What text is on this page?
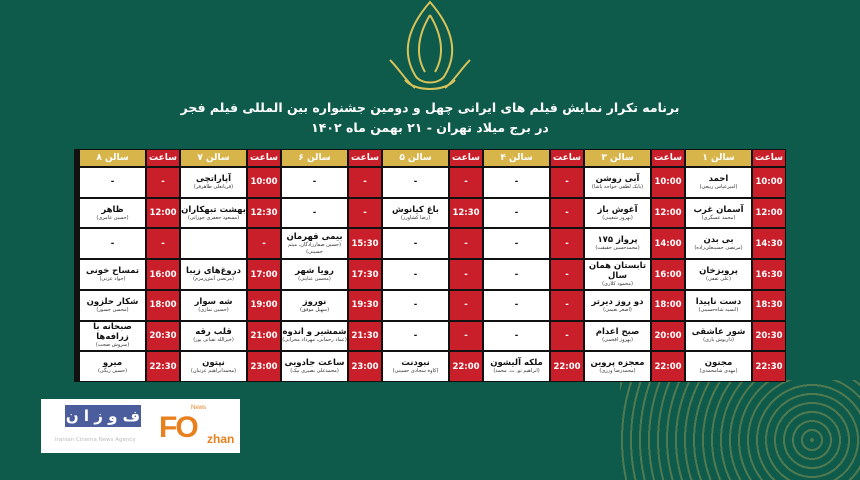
برنامه تکرار نمایش فیلم های ایرانی چهل و دومین جشنواره بین المللی فیلم فجر
در برج میلاد تهران - ۲۱ بهمن ماه ۱۴۰۲
ساعت
10:00
12:00
14:30
16:30
18:30
20:30
22:30
سالن ۱
احمد
(امیرعباس ربیعی)
آسمان غرب
(محمد عسگری)
بی بدن
(مرتضی حسینعلی‌زاده)
پرویزخان
(علی ثقفی)
دست ناپیدا
(انسیه شاه‌حسینی)
شور عاشقی
(داریوش یاری)
مجنون
(مهدی شامحمدی)
ساعت
10:00
12:00
14:00
16:00
18:00
20:00
22:00
سالن ۳
آبی روشن
(بابک لطفی خواجه پاشا)
آغوش باز
(بهروز شعیبی)
پرواز ۱۷۵
(محمدحسین حقیقت)
تابستان همان سال
(محمود کلاری)
دو روز دیرتر
(اصغر نعیمی)
صبح اعدام
(بهروز افخمی)
معجزه پروین
(محمدرضا ورزی)
ساعت
-
-
-
-
-
-
22:00
سالن ۴
-
-
-
-
-
-
ملکه آلیشون
(ابراهیم تو. ت. محمد)
ساعت
-
12:30
-
-
-
-
22:00
سالن ۵
-
باغ کیانوش
(رضا کشاورز)
-
-
-
-
نبودنت
(کاوه سجادی حسینی)
ساعت
-
-
15:30
17:30
19:30
21:30
23:00
سالن ۶
-
-
بیمی قهرمان
(حسین صفارزادگان، میثم حسینی)
رویا شهر
(محسن عنایتی)
نوروز
(سهیل موفق)
شمشیر و اندوه
(عماد رحمانی، مهرداد محرابی)
ساعت جادویی
(محمدعلی بصیری نیک)
ساعت
10:00
12:30
-
17:00
19:00
21:00
23:00
سالن ۷
آپاراتچی
(قربانعلی طاهرفر)
بهشت تبهکاران
(مسعود جعفری جوزانی)
دروغ‌های زیبا
(مرتضی آتش‌زمزم)
شه سوار
(حسین نمازی)
قلب رقه
(خیرالله تقیانی پور)
نپتون
(محمدابراهیم عزتیان)
ساعت
-
12:00
-
16:00
18:00
20:30
22:30
سالن ۸
-
ظاهر
(حسین عامری)
-
تمساح خونی
(جواد عزتی)
شکار حلزون
(محسن جسور)
صبحانه با زرافه‌ها
(سروش صحت)
میرو
(حسین ریگی)
ف و ز ا ن
Iranian Cinema News Agency
News
FO zhan
